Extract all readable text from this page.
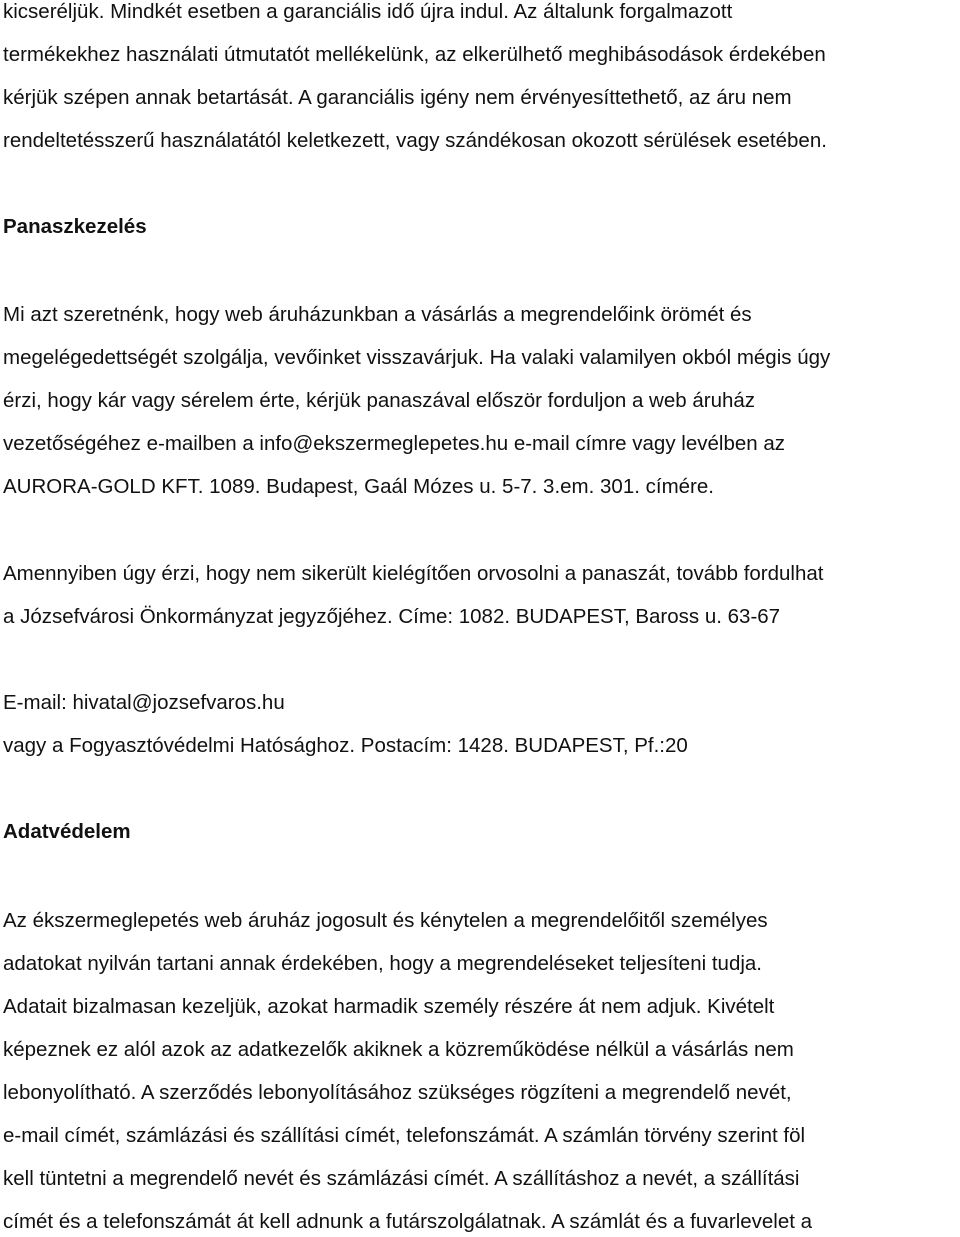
kicseréljük. Mindkét esetben a garanciális idő újra indul. Az általunk forgalmazott
termékekhez használati útmutatót mellékelünk, az elkerülhető meghibásodások érdekében
kérjük szépen annak betartását. A garanciális igény nem érvényesíttethető, az áru nem
rendeltetésszerű használatától keletkezett, vagy szándékosan okozott sérülések esetében.
Panaszkezelés
Mi azt szeretnénk, hogy web áruházunkban a vásárlás a megrendelőink örömét és
megelégedettségét szolgálja, vevőinket visszavárjuk. Ha valaki valamilyen okból mégis úgy
érzi, hogy kár vagy sérelem érte, kérjük panaszával először forduljon a web áruház
vezetőségéhez e-mailben a info@ekszermeglepetes.hu e-mail címre vagy levélben az
AURORA-GOLD KFT. 1089. Budapest, Gaál Mózes u. 5-7. 3.em. 301. címére.
Amennyiben úgy érzi, hogy nem sikerült kielégítően orvosolni a panaszát, tovább fordulhat
a Józsefvárosi Önkormányzat jegyzőjéhez. Címe: 1082. BUDAPEST, Baross u. 63-67
E-mail: hivatal@jozsefvaros.hu
vagy a Fogyasztóvédelmi Hatósághoz. Postacím: 1428. BUDAPEST, Pf.:20
Adatvédelem
Az ékszermeglepetés web áruház jogosult és kénytelen a megrendelőitől személyes
adatokat nyilván tartani annak érdekében, hogy a megrendeléseket teljesíteni tudja.
Adatait bizalmasan kezeljük, azokat harmadik személy részére át nem adjuk. Kivételt
képeznek ez alól azok az adatkezelők akiknek a közreműködése nélkül a vásárlás nem
lebonyolítható. A szerződés lebonyolításához szükséges rögzíteni a megrendelő nevét,
e-mail címét, számlázási és szállítási címét, telefonszámát. A számlán törvény szerint föl
kell tüntetni a megrendelő nevét és számlázási címét. A szállításhoz a nevét, a szállítási
címét és a telefonszámát át kell adnunk a futárszolgálatnak. A számlát és a fuvarlevelet a
